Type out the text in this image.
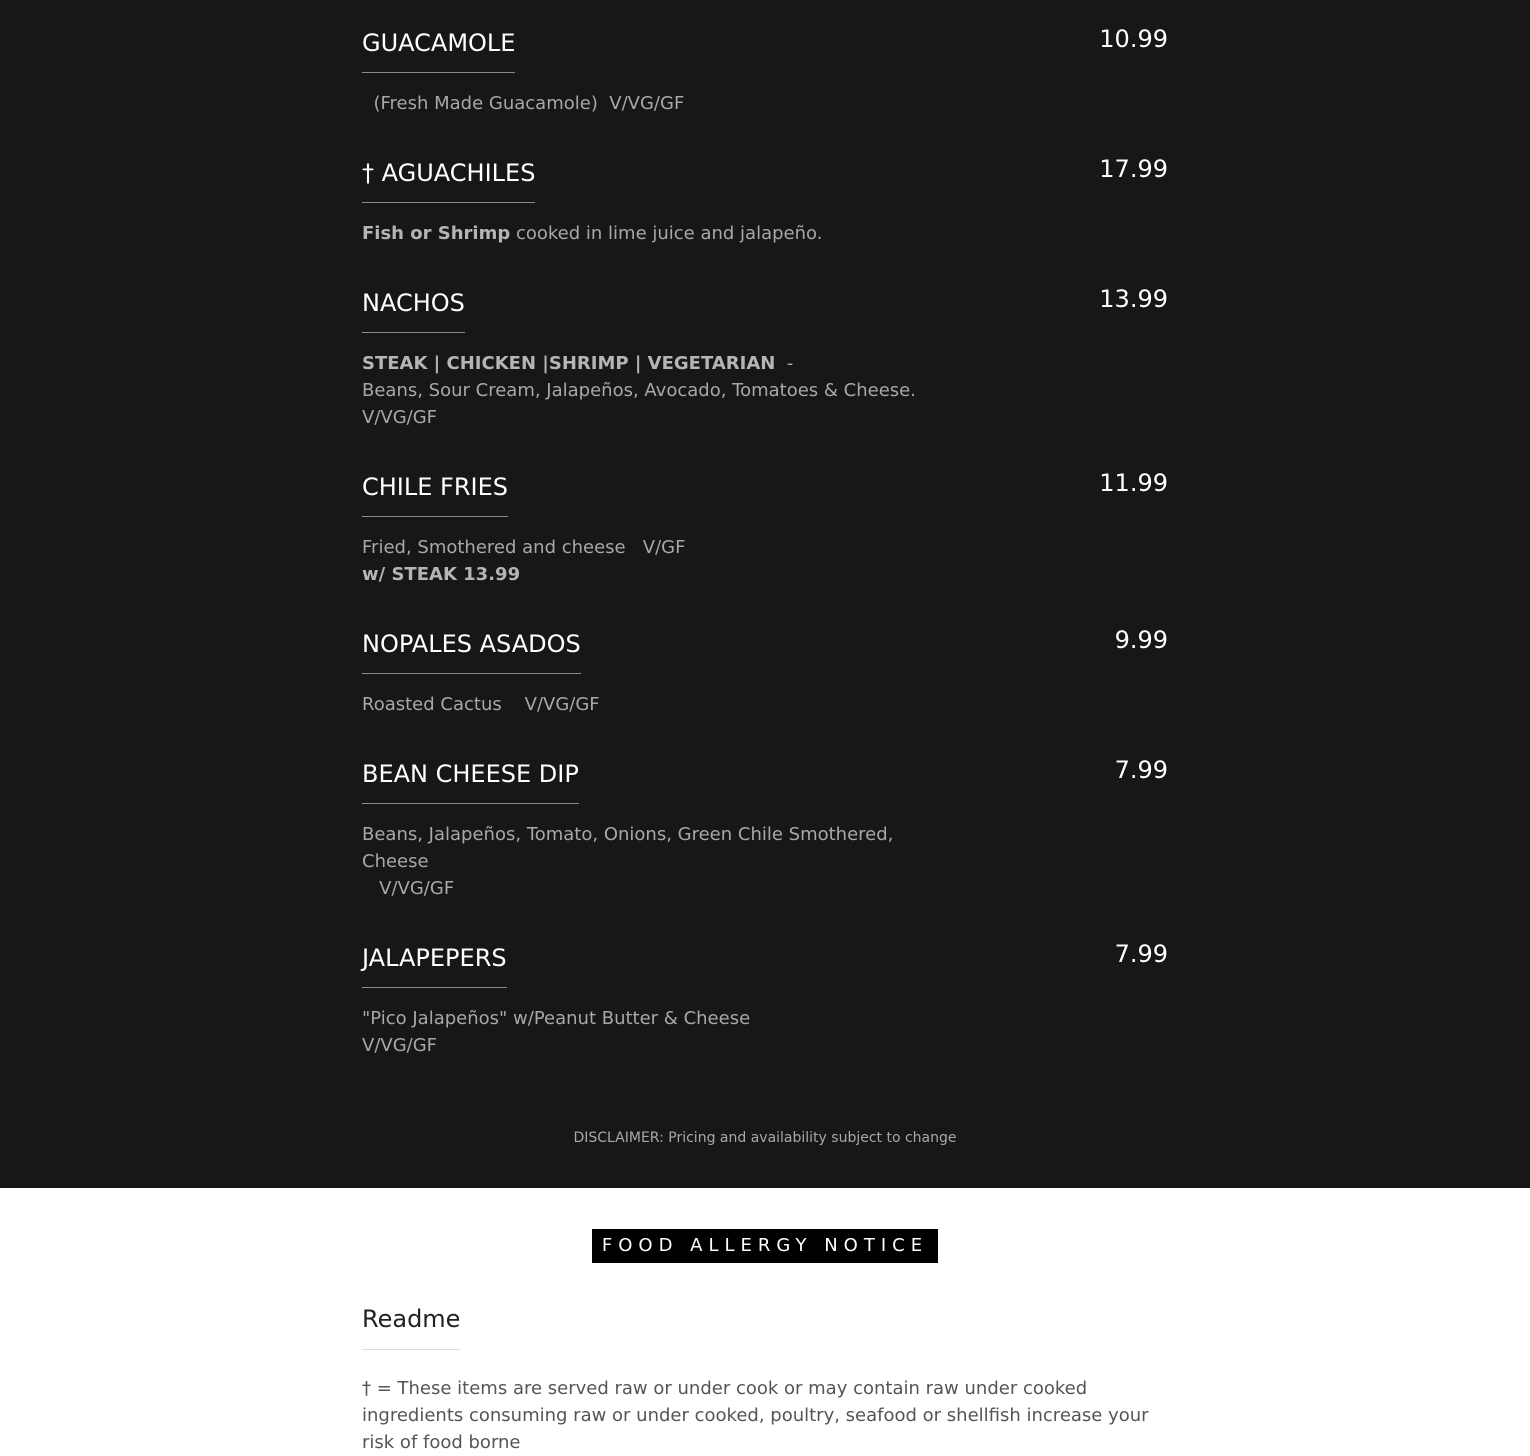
GUACAMOLE	10.99
(Fresh Made Guacamole)  V/VG/GF
† AGUACHILES	17.99
Fish or Shrimp cooked in lime juice and jalapeño.
NACHOS	13.99
STEAK | CHICKEN |SHRIMP | VEGETARIAN  -                          Beans, Sour Cream, Jalapeños, Avocado, Tomatoes & Cheese.    V/VG/GF
CHILE FRIES	11.99
Fried, Smothered and cheese   V/GF
w/ STEAK 13.99
NOPALES ASADOS	9.99
Roasted Cactus    V/VG/GF
BEAN CHEESE DIP	7.99
Beans, Jalapeños, Tomato, Onions, Green Chile Smothered, Cheese
V/VG/GF
JALAPEPERS	7.99
"Pico Jalapeños" w/Peanut Butter & Cheese
V/VG/GF
DISCLAIMER: Pricing and availability subject to change
FOOD ALLERGY NOTICE
Readme
† = These items are served raw or under cook or may contain raw under cooked ingredients consuming raw or under cooked, poultry, seafood or shellfish increase your risk of food borne
